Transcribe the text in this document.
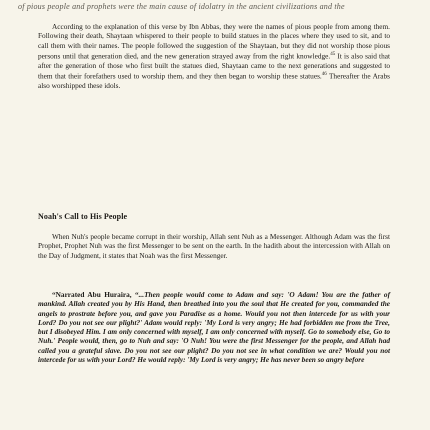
of pious people and prophets were the main cause of idolatry in the ancient civilizations and the

According to the explanation of this verse by Ibn Abbas, they were the names of pious people from among them. Following their death, Shaytaan whispered to their people to build statues in the places where they used to sit, and to call them with their names. The people followed the suggestion of the Shaytaan, but they did not worship those pious persons until that generation died, and the new generation strayed away from the right knowledge.$^{45}$ It is also said that after the generation of those who first built the statues died, Shaytaan came to the next generations and suggested to them that their forefathers used to worship them, and they then began to worship these statues.$^{46}$ Thereafter the Arabs also worshipped these idols.

Noah's Call to His People

When Nuh's people became corrupt in their worship, Allah sent Nuh as a Messenger. Although Adam was the first Prophet, Prophet Nuh was the first Messenger to be sent on the earth. In the hadith about the intercession with Allah on the Day of Judgment, it states that Noah was the first Messenger.

“Narrated Abu Huraira, “...Then people would come to Adam and say: 'O Adam! You are the father of mankind. Allah created you by His Hand, then breathed into you the soul that He created for you, commanded the angels to prostrate before you, and gave you Paradise as a home. Would you not then intercede for us with your Lord? Do you not see our plight?' Adam would reply: 'My Lord is very angry; He had forbidden me from the Tree, but I disobeyed Him. I am only concerned with myself, I am only concerned with myself. Go to somebody else, Go to Nuh.' People would, then, go to Nuh and say: 'O Nuh! You were the first Messenger for the people, and Allah had called you a grateful slave. Do you not see our plight? Do you not see in what condition we are? Would you not intercede for us with your Lord? He would reply: 'My Lord is very angry; He has never been so angry before
